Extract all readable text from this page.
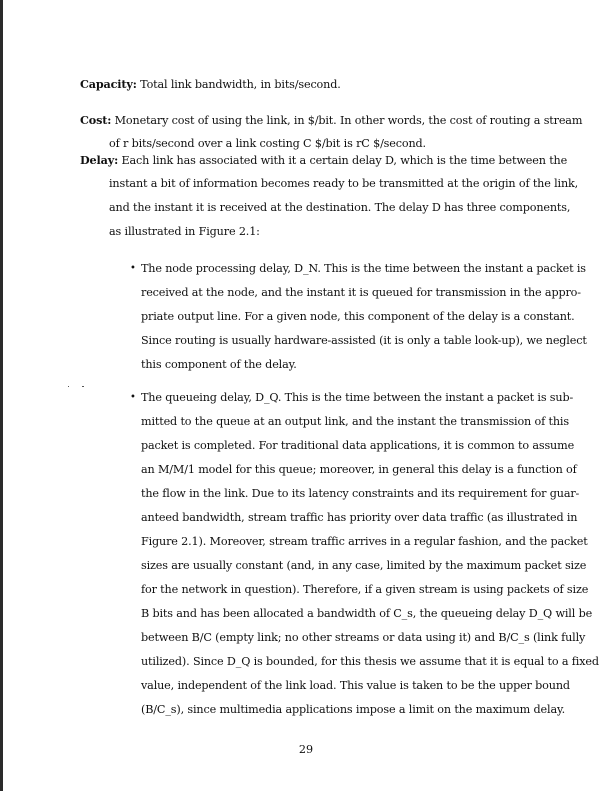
Capacity: Total link bandwidth, in bits/second.
Cost: Monetary cost of using the link, in $/bit. In other words, the cost of routing a stream
of r bits/second over a link costing C $/bit is rC $/second.
Delay: Each link has associated with it a certain delay D, which is the time between the
instant a bit of information becomes ready to be transmitted at the origin of the link,
and the instant it is received at the destination. The delay D has three components,
as illustrated in Figure 2.1:
• The node processing delay, D_N. This is the time between the instant a packet is
received at the node, and the instant it is queued for transmission in the appro-
priate output line. For a given node, this component of the delay is a constant.
Since routing is usually hardware-assisted (it is only a table look-up), we neglect
this component of the delay.
• The queueing delay, D_Q. This is the time between the instant a packet is sub-
mitted to the queue at an output link, and the instant the transmission of this
packet is completed. For traditional data applications, it is common to assume
an M/M/1 model for this queue; moreover, in general this delay is a function of
the flow in the link. Due to its latency constraints and its requirement for guar-
anteed bandwidth, stream traffic has priority over data traffic (as illustrated in
Figure 2.1). Moreover, stream traffic arrives in a regular fashion, and the packet
sizes are usually constant (and, in any case, limited by the maximum packet size
for the network in question). Therefore, if a given stream is using packets of size
B bits and has been allocated a bandwidth of C_s, the queueing delay D_Q will be
between B/C (empty link; no other streams or data using it) and B/C_s (link fully
utilized). Since D_Q is bounded, for this thesis we assume that it is equal to a fixed
value, independent of the link load. This value is taken to be the upper bound
(B/C_s), since multimedia applications impose a limit on the maximum delay.
29
